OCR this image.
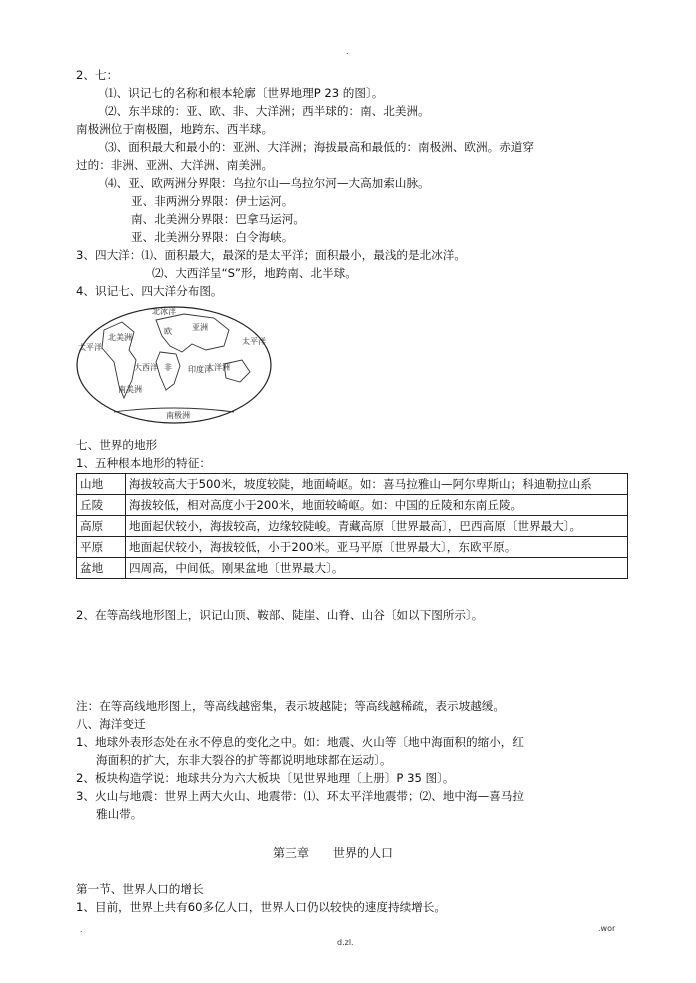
.
2、七：
⑴、识记七的名称和根本轮廓〔世界地理P 23 的图〕。
⑵、东半球的：亚、欧、非、大洋洲；西半球的：南、北美洲。
南极洲位于南极圈，地跨东、西半球。
⑶、面积最大和最小的：亚洲、大洋洲；海拔最高和最低的：南极洲、欧洲。赤道穿
过的：非洲、亚洲、大洋洲、南美洲。
⑷、亚、欧两洲分界限：乌拉尔山—乌拉尔河—大高加索山脉。
亚、非两洲分界限：伊士运河。
南、北美洲分界限：巴拿马运河。
亚、北美洲分界限：白令海峡。
3、四大洋：⑴、面积最大，最深的是太平洋；面积最小，最浅的是北冰洋。
⑵、大西洋呈“S”形，地跨南、北半球。
4、识记七、四大洋分布图。
北冰洋
亚洲
欧
非
太平洋
大西洋
太平洋
印度洋
大洋洲
北美洲
南美洲
南极洲
七、世界的地形
1、五种根本地形的特征：
山地	海拔较高大于500米，坡度较陡，地面崎岖。如：喜马拉雅山—阿尔卑斯山；科迪勒拉山系
丘陵	海拔较低，相对高度小于200米，地面较崎岖。如：中国的丘陵和东南丘陵。
高原	地面起伏较小，海拔较高，边缘较陡峻。青藏高原〔世界最高〕，巴西高原〔世界最大〕。
平原	地面起伏较小，海拔较低，小于200米。亚马平原〔世界最大〕，东欧平原。
盆地	四周高，中间低。刚果盆地〔世界最大〕。
2、在等高线地形图上，识记山顶、鞍部、陡崖、山脊、山谷〔如以下图所示〕。
注：在等高线地形图上，等高线越密集，表示坡越陡；等高线越稀疏，表示坡越缓。
八、海洋变迁
1、地球外表形态处在永不停息的变化之中。如：地震、火山等〔地中海面积的缩小，红
海面积的扩大，东非大裂谷的扩等都说明地球都在运动〕。
2、板块构造学说：地球共分为六大板块〔见世界地理〔上册〕P 35 图〕。
3、火山与地震：世界上两大火山、地震带：⑴、环太平洋地震带；⑵、地中海—喜马拉
雅山带。
第三章　　世界的人口
第一节、世界人口的增长
1、目前，世界上共有60多亿人口，世界人口仍以较快的速度持续增长。
.	.wor
d.zl.
